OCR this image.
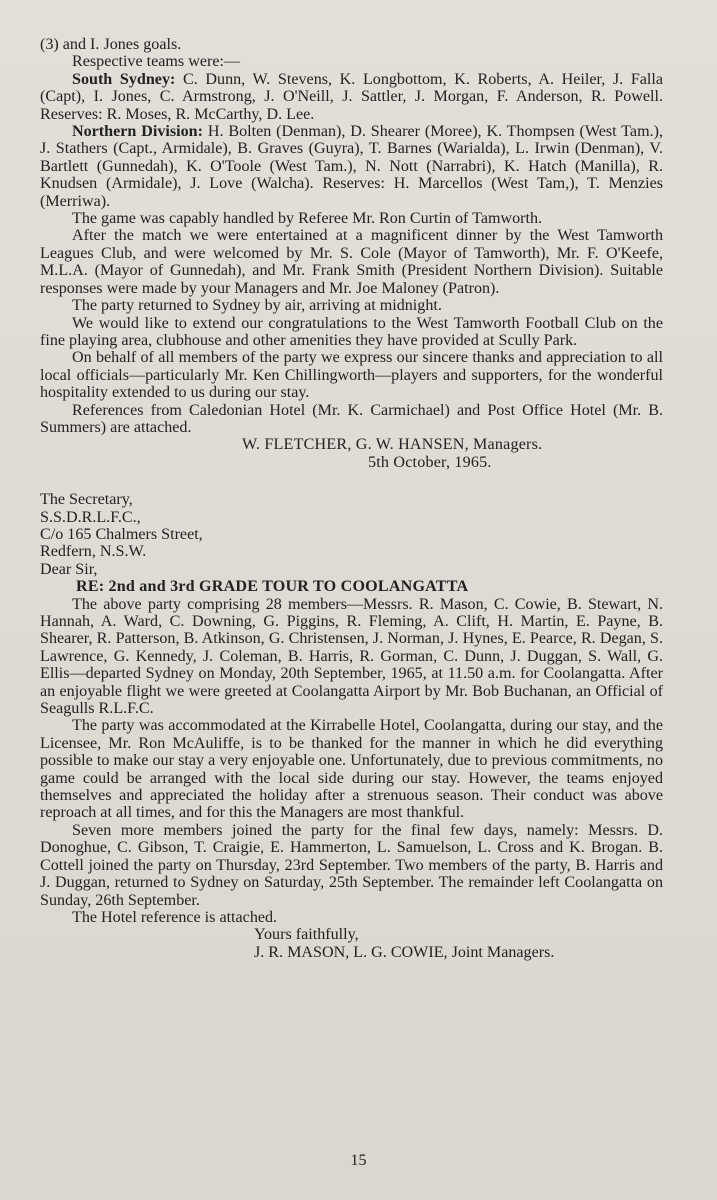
(3) and I. Jones goals.

Respective teams were:—

South Sydney: C. Dunn, W. Stevens, K. Longbottom, K. Roberts, A. Heiler, J. Falla (Capt), I. Jones, C. Armstrong, J. O'Neill, J. Sattler, J. Morgan, F. Anderson, R. Powell. Reserves: R. Moses, R. McCarthy, D. Lee.

Northern Division: H. Bolten (Denman), D. Shearer (Moree), K. Thompsen (West Tam.), J. Stathers (Capt., Armidale), B. Graves (Guyra), T. Barnes (Warialda), L. Irwin (Denman), V. Bartlett (Gunnedah), K. O'Toole (West Tam.), N. Nott (Narrabri), K. Hatch (Manilla), R. Knudsen (Armidale), J. Love (Walcha). Reserves: H. Marcellos (West Tam,), T. Menzies (Merriwa).

The game was capably handled by Referee Mr. Ron Curtin of Tamworth.

After the match we were entertained at a magnificent dinner by the West Tamworth Leagues Club, and were welcomed by Mr. S. Cole (Mayor of Tamworth), Mr. F. O'Keefe, M.L.A. (Mayor of Gunnedah), and Mr. Frank Smith (President Northern Division). Suitable responses were made by your Managers and Mr. Joe Maloney (Patron).

The party returned to Sydney by air, arriving at midnight.

We would like to extend our congratulations to the West Tamworth Football Club on the fine playing area, clubhouse and other amenities they have provided at Scully Park.

On behalf of all members of the party we express our sincere thanks and appreciation to all local officials—particularly Mr. Ken Chillingworth—players and supporters, for the wonderful hospitality extended to us during our stay.

References from Caledonian Hotel (Mr. K. Carmichael) and Post Office Hotel (Mr. B. Summers) are attached.

W. FLETCHER, G. W. HANSEN, Managers.

5th October, 1965.

The Secretary,
S.S.D.R.L.F.C.,
C/o 165 Chalmers Street,
Redfern, N.S.W.

Dear Sir,

RE: 2nd and 3rd GRADE TOUR TO COOLANGATTA

The above party comprising 28 members—Messrs. R. Mason, C. Cowie, B. Stewart, N. Hannah, A. Ward, C. Downing, G. Piggins, R. Fleming, A. Clift, H. Martin, E. Payne, B. Shearer, R. Patterson, B. Atkinson, G. Christensen, J. Norman, J. Hynes, E. Pearce, R. Degan, S. Lawrence, G. Kennedy, J. Coleman, B. Harris, R. Gorman, C. Dunn, J. Duggan, S. Wall, G. Ellis—departed Sydney on Monday, 20th September, 1965, at 11.50 a.m. for Coolangatta. After an enjoyable flight we were greeted at Coolangatta Airport by Mr. Bob Buchanan, an Official of Seagulls R.L.F.C.

The party was accommodated at the Kirrabelle Hotel, Coolangatta, during our stay, and the Licensee, Mr. Ron McAuliffe, is to be thanked for the manner in which he did everything possible to make our stay a very enjoyable one. Unfortunately, due to previous commitments, no game could be arranged with the local side during our stay. However, the teams enjoyed themselves and appreciated the holiday after a strenuous season. Their conduct was above reproach at all times, and for this the Managers are most thankful.

Seven more members joined the party for the final few days, namely: Messrs. D. Donoghue, C. Gibson, T. Craigie, E. Hammerton, L. Samuelson, L. Cross and K. Brogan. B. Cottell joined the party on Thursday, 23rd September. Two members of the party, B. Harris and J. Duggan, returned to Sydney on Saturday, 25th September. The remainder left Coolangatta on Sunday, 26th September.

The Hotel reference is attached.

Yours faithfully,

J. R. MASON, L. G. COWIE, Joint Managers.

15
